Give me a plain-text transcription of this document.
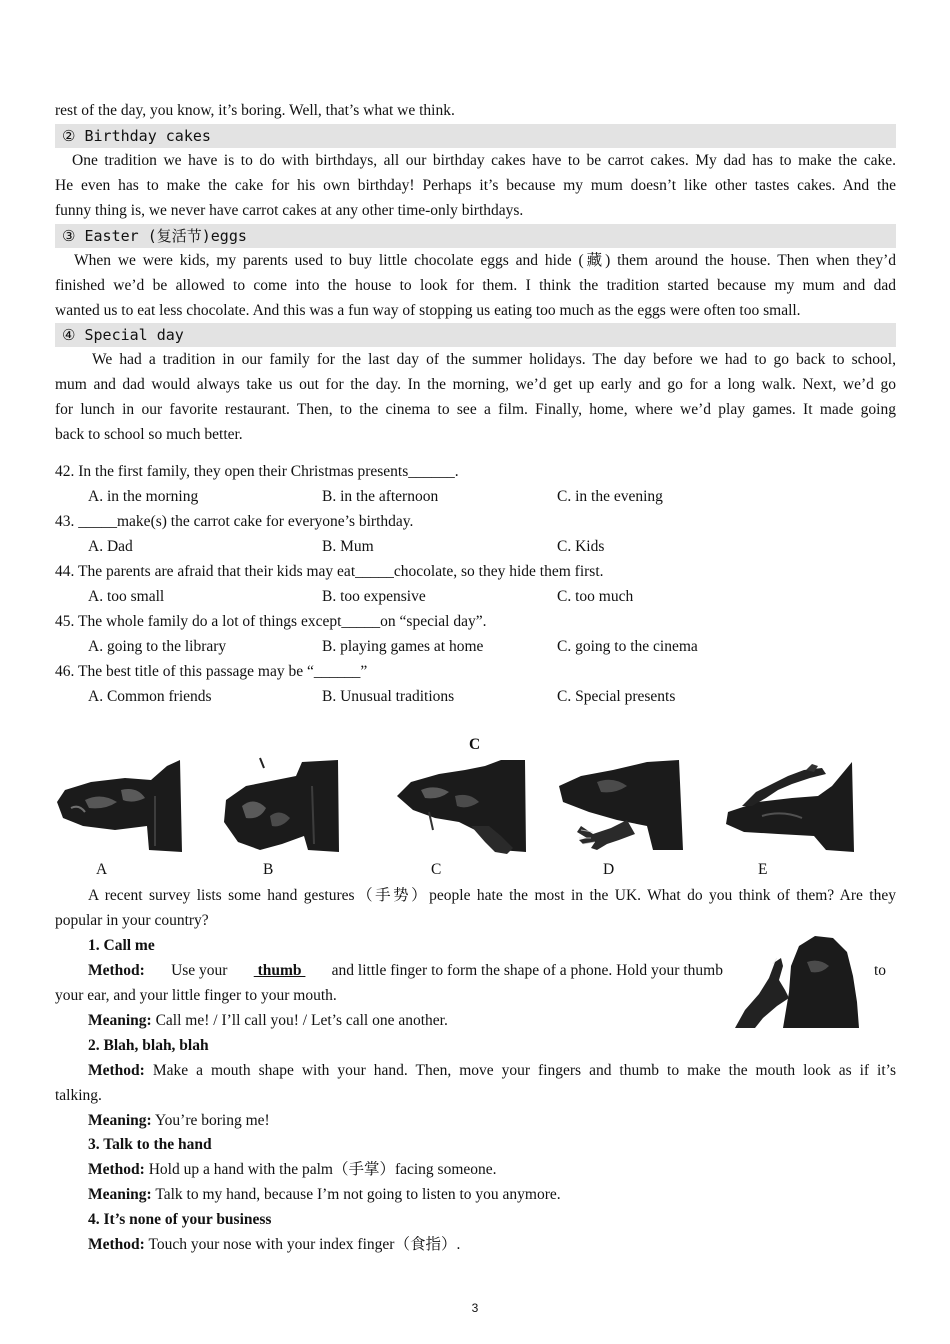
rest of the day, you know, it’s boring. Well, that’s what we think.
② Birthday cakes
One tradition we have is to do with birthdays, all our birthday cakes have to be carrot cakes. My dad has to make the cake.
He even has to make the cake for his own birthday! Perhaps it’s because my mum doesn’t like other tastes cakes. And the
funny thing is, we never have carrot cakes at any other time-only birthdays.
③ Easter (复活节)eggs
When we were kids, my parents used to buy little chocolate eggs and hide (藏) them around the house. Then when they’d
finished we’d be allowed to come into the house to look for them. I think the tradition started because my mum and dad
wanted us to eat less chocolate. And this was a fun way of stopping us eating too much as the eggs were often too small.
④ Special day
We had a tradition in our family for the last day of the summer holidays. The day before we had to go back to school,
mum and dad would always take us out for the day. In the morning, we’d get up early and go for a long walk. Next, we’d go
for lunch in our favorite restaurant. Then, to the cinema to see a film. Finally, home, where we’d play games. It made going
back to school so much better.
42. In the first family, they open their Christmas presents______.
A. in the morning	B. in the afternoon	C. in the evening
43. _____make(s) the carrot cake for everyone’s birthday.
A. Dad	B. Mum	C. Kids
44. The parents are afraid that their kids may eat_____chocolate, so they hide them first.
A. too small	B. too expensive	C. too much
45. The whole family do a lot of things except_____on “special day”.
A. going to the library	B. playing games at home	C. going to the cinema
46. The best title of this passage may be “______”
A. Common friends	B. Unusual traditions	C. Special presents
C
A	B	C	D	E
A recent survey lists some hand gestures（手势）people hate the most in the UK. What do you think of them? Are they
popular in your country?
1. Call me
Method: Use your thumb and little finger to form the shape of a phone. Hold your thumb	to
your ear, and your little finger to your mouth.
Meaning: Call me! / I’ll call you! / Let’s call one another.
2. Blah, blah, blah
Method: Make a mouth shape with your hand. Then, move your fingers and thumb to make the mouth look as if it’s
talking.
Meaning: You’re boring me!
3. Talk to the hand
Method: Hold up a hand with the palm（手掌）facing someone.
Meaning: Talk to my hand, because I’m not going to listen to you anymore.
4. It’s none of your business
Method: Touch your nose with your index finger（食指）.
3
